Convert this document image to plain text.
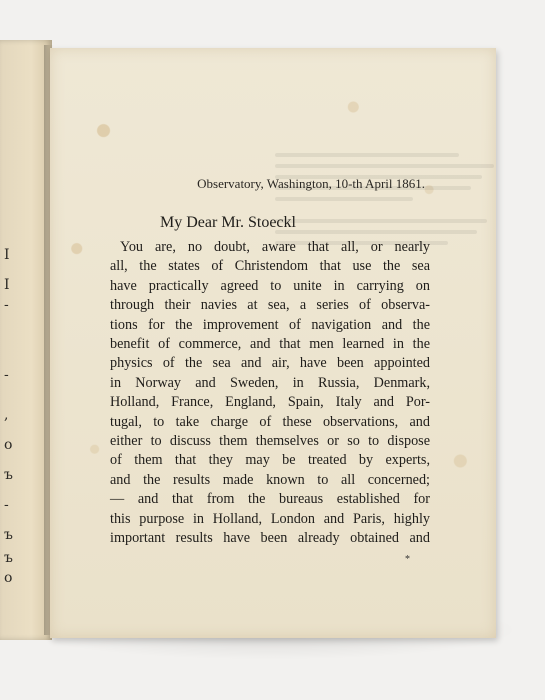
I
I
-
-
,
о
ъ
-
ъ
ъ
о
Observatory, Washington, 10-th April 1861.
My Dear Mr. Stoeckl
You are, no doubt, aware that all, or nearly
all, the states of Christendom that use the sea
have practically agreed to unite in carrying on
through their navies at sea, a series of observa-
tions for the improvement of navigation and the
benefit of commerce, and that men learned in the
physics of the sea and air, have been appointed
in Norway and Sweden, in Russia, Denmark,
Holland, France, England, Spain, Italy and Por-
tugal, to take charge of these observations, and
either to discuss them themselves or so to dispose
of them that they may be treated by experts,
and the results made known to all concerned;
— and that from the bureaus established for
this purpose in Holland, London and Paris, highly
important results have been already obtained and
*
